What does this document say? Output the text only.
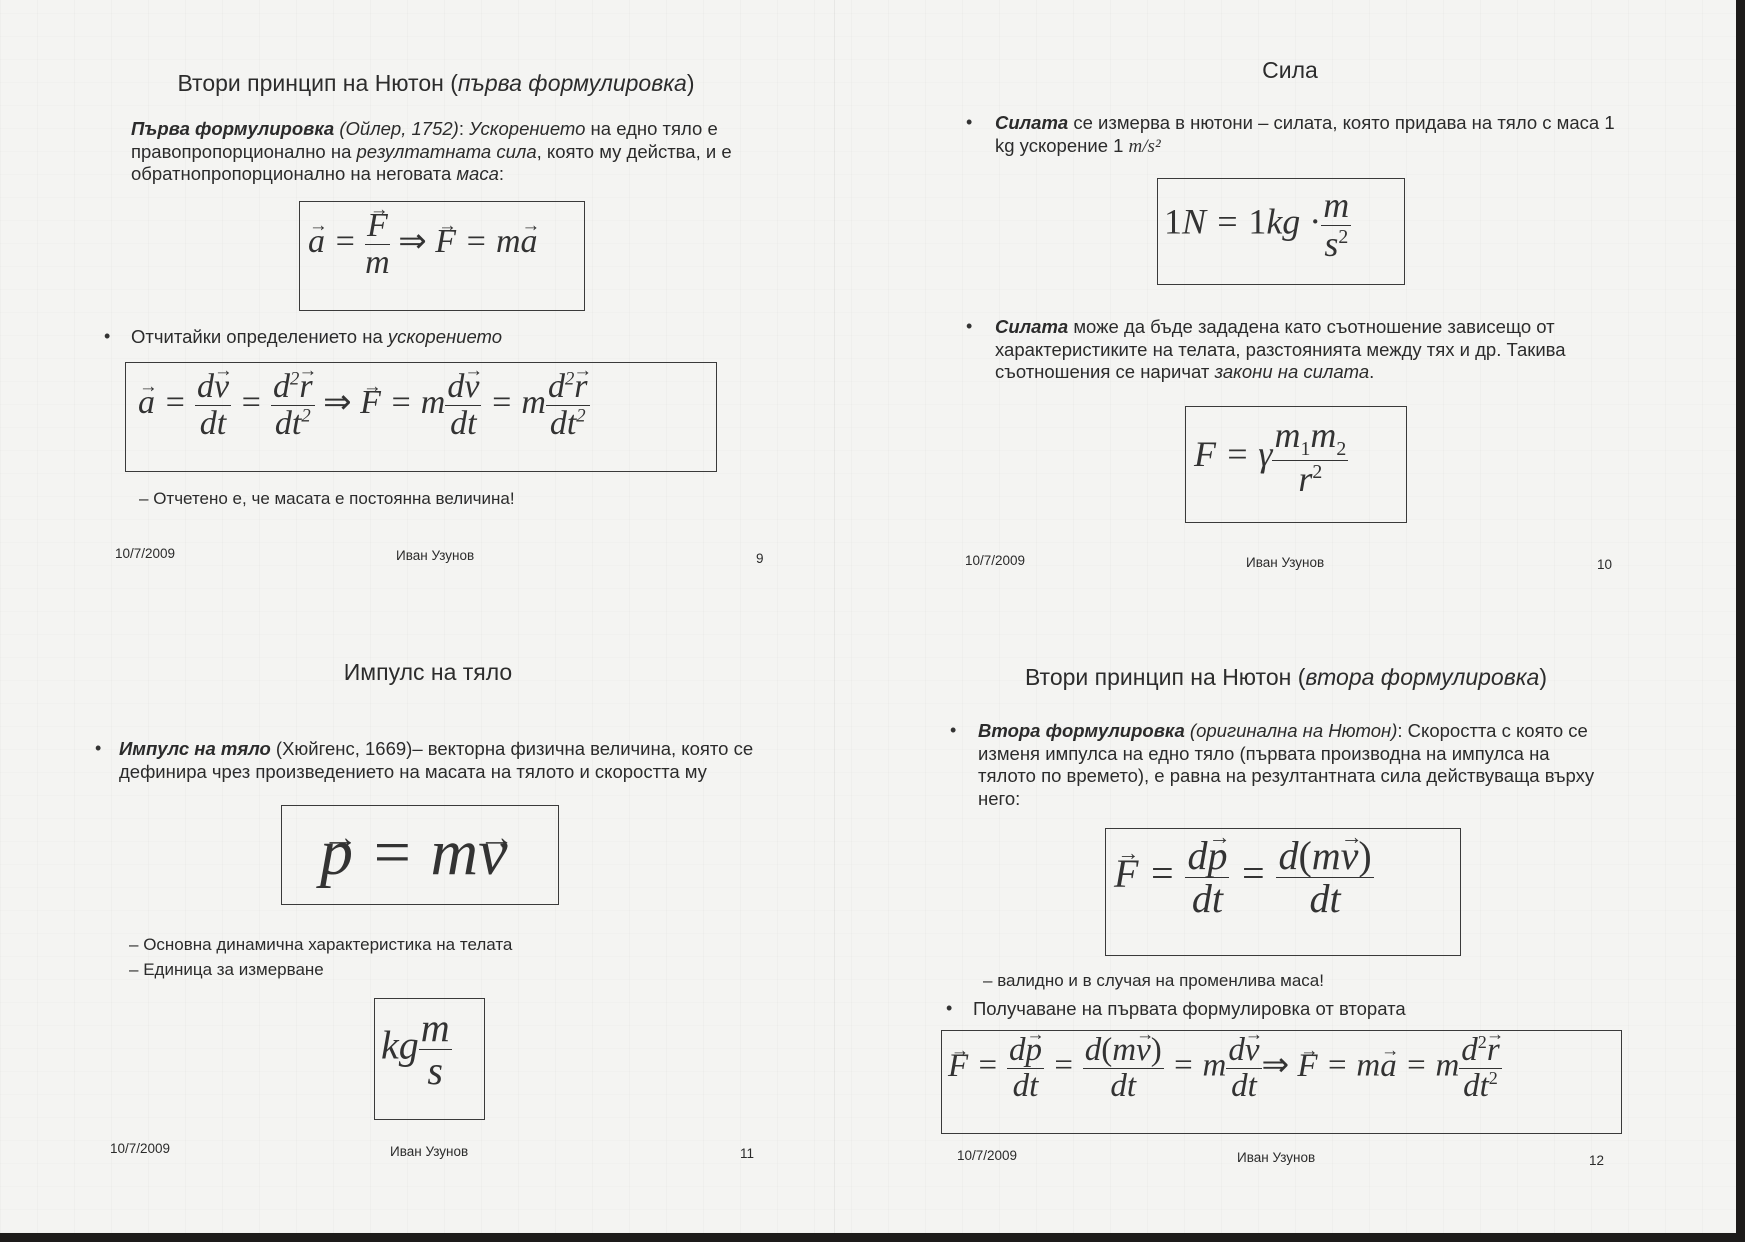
Втори принцип на Нютон (първа формулировка)
Първа формулировка (Ойлер, 1752): Ускорението на едно тяло е правопропорционално на резултатната сила, която му действа, и е обратнопропорционално на неговата маса:
→ a = → $\frac{F}{m}$ ⇒ → F = m→ a
• Отчитайки определението на ускорението
→ $a = \frac{d\to v}{dt} = \frac{d^2\to r}{dt^2}$ ⇒ → F = m $\frac{d\to v}{dt} = m \frac{d^2\to r}{dt^2}$
– Отчетено е, че масата е постоянна величина!
10/7/2009	Иван Узунов	9
Сила
• Силата се измерва в нютони – силата, която придава на тяло с маса 1 kg ускорение 1 m/s²
$1N = 1kg \cdot \frac{m}{s^2}$
• Силата може да бъде зададена като съотношение зависещо от характеристиките на телата, разстоянията между тях и др. Такива съотношения се наричат закони на силата.
F = γ $\frac{m_1m_2}{r^2}$
10/7/2009	Иван Узунов	10
Импулс на тяло
• Импулс на тяло (Хюйгенс, 1669)– векторна физична величина, която се дефинира чрез произведението на масата на тялото и скоростта му
→ p = m→ v
– Основна динамична характеристика на телата
– Единица за измерване
kg $\frac{m}{s}$
10/7/2009	Иван Узунов	11
Втори принцип на Нютон (втора формулировка)
• Втора формулировка (оригинална на Нютон): Скоростта с която се изменя импулса на едно тяло (първата производна на импулса на тялото по времето), е равна на резултантната сила действуваща върху него:
→ $F = \frac{d\to p}{dt} = \frac{d(m\to v)}{dt}$
– валидно и в случая на променлива маса!
• Получаване на първата формулировка от втората
→ $F = \frac{d\to p}{dt} = \frac{d(m\to v)}{dt} = m \frac{d\to v}{dt}$ ⇒ → F = m→ a = m $\frac{d^2\to r}{dt^2}$
10/7/2009	Иван Узунов	12
